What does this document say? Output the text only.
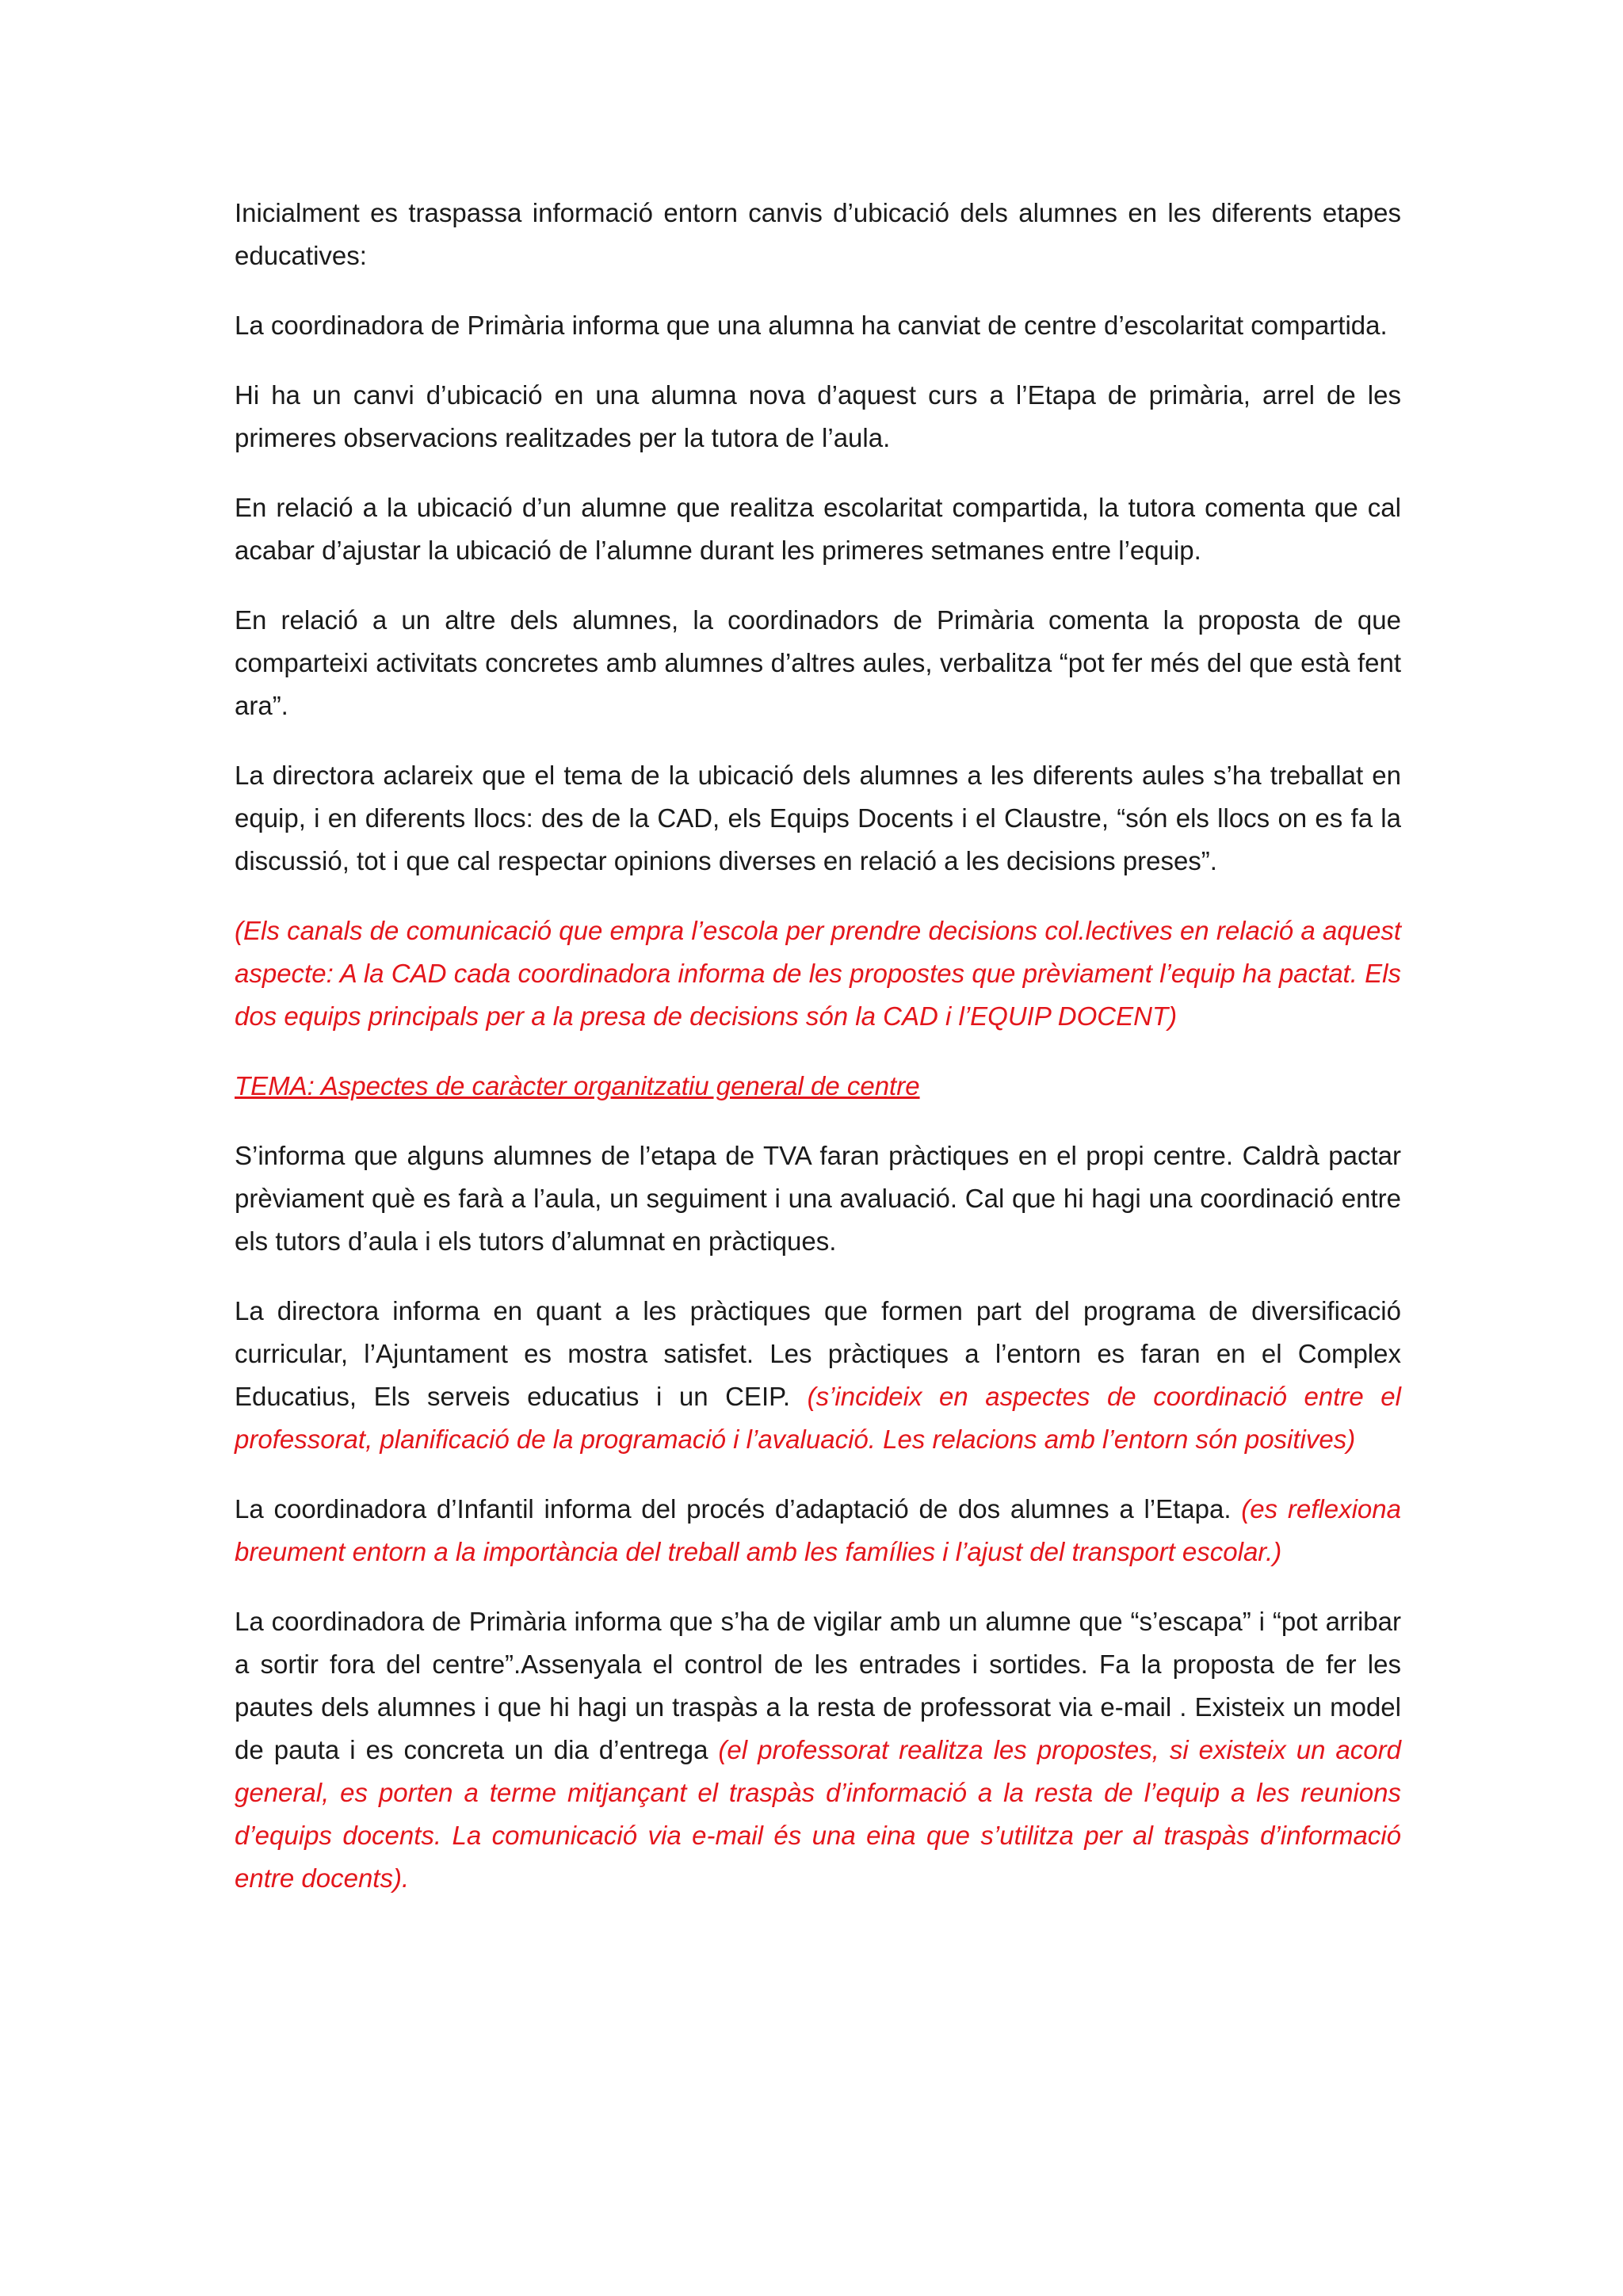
Inicialment es traspassa informació entorn canvis d’ubicació dels alumnes en les diferents etapes educatives:

La coordinadora de Primària informa que una alumna ha canviat de centre d’escolaritat compartida.

Hi ha un canvi d’ubicació en una alumna nova d’aquest curs a l’Etapa de primària, arrel de les primeres observacions realitzades per la tutora de l’aula.

En relació a la ubicació d’un alumne que realitza escolaritat compartida, la tutora comenta que cal acabar d’ajustar la ubicació de l’alumne durant les primeres setmanes entre l’equip.

En relació a un altre dels alumnes, la coordinadors de Primària comenta la proposta de que comparteixi activitats concretes amb alumnes d’altres aules, verbalitza “pot fer més del que està fent ara”.

La directora aclareix que el tema de la ubicació dels alumnes a les diferents aules s’ha treballat en equip, i en diferents llocs: des de la CAD, els Equips Docents i el Claustre, “són els llocs on es fa la discussió, tot i que cal respectar opinions diverses en relació a les decisions preses”.

(Els canals de comunicació que empra l’escola per prendre decisions col.lectives en relació a aquest aspecte: A la CAD cada coordinadora informa de les propostes que prèviament l’equip ha pactat. Els dos equips principals per a la presa de decisions són la CAD i l’EQUIP DOCENT)

TEMA: Aspectes de caràcter organitzatiu general de centre

S’informa que alguns alumnes de l’etapa de TVA faran pràctiques en el propi centre. Caldrà pactar prèviament què es farà a l’aula, un seguiment i una avaluació. Cal que hi hagi una coordinació entre els tutors d’aula i els tutors d’alumnat en pràctiques.

La directora informa en quant a les pràctiques que formen part del programa de diversificació curricular, l’Ajuntament es mostra satisfet. Les pràctiques a l’entorn es faran en el Complex Educatius, Els serveis educatius i un CEIP. (s’incideix en aspectes de coordinació entre el professorat, planificació de la programació i l’avaluació. Les relacions amb l’entorn són positives)

La coordinadora d’Infantil informa del procés d’adaptació de dos alumnes a l’Etapa. (es reflexiona breument entorn a la importància del treball amb les famílies i l’ajust del transport escolar.)

La coordinadora de Primària informa que s’ha de vigilar amb un alumne que “s’escapa” i “pot arribar a sortir fora del centre”.Assenyala el control de les entrades i sortides. Fa la proposta de fer les pautes dels alumnes i que hi hagi un traspàs a la resta de professorat via e-mail . Existeix un model de pauta i es concreta un dia d’entrega (el professorat realitza les propostes, si existeix un acord general, es porten a terme mitjançant el traspàs d’informació a la resta de l’equip a les reunions d’equips docents. La comunicació via e-mail és una eina que s’utilitza per al traspàs d’informació entre docents).
